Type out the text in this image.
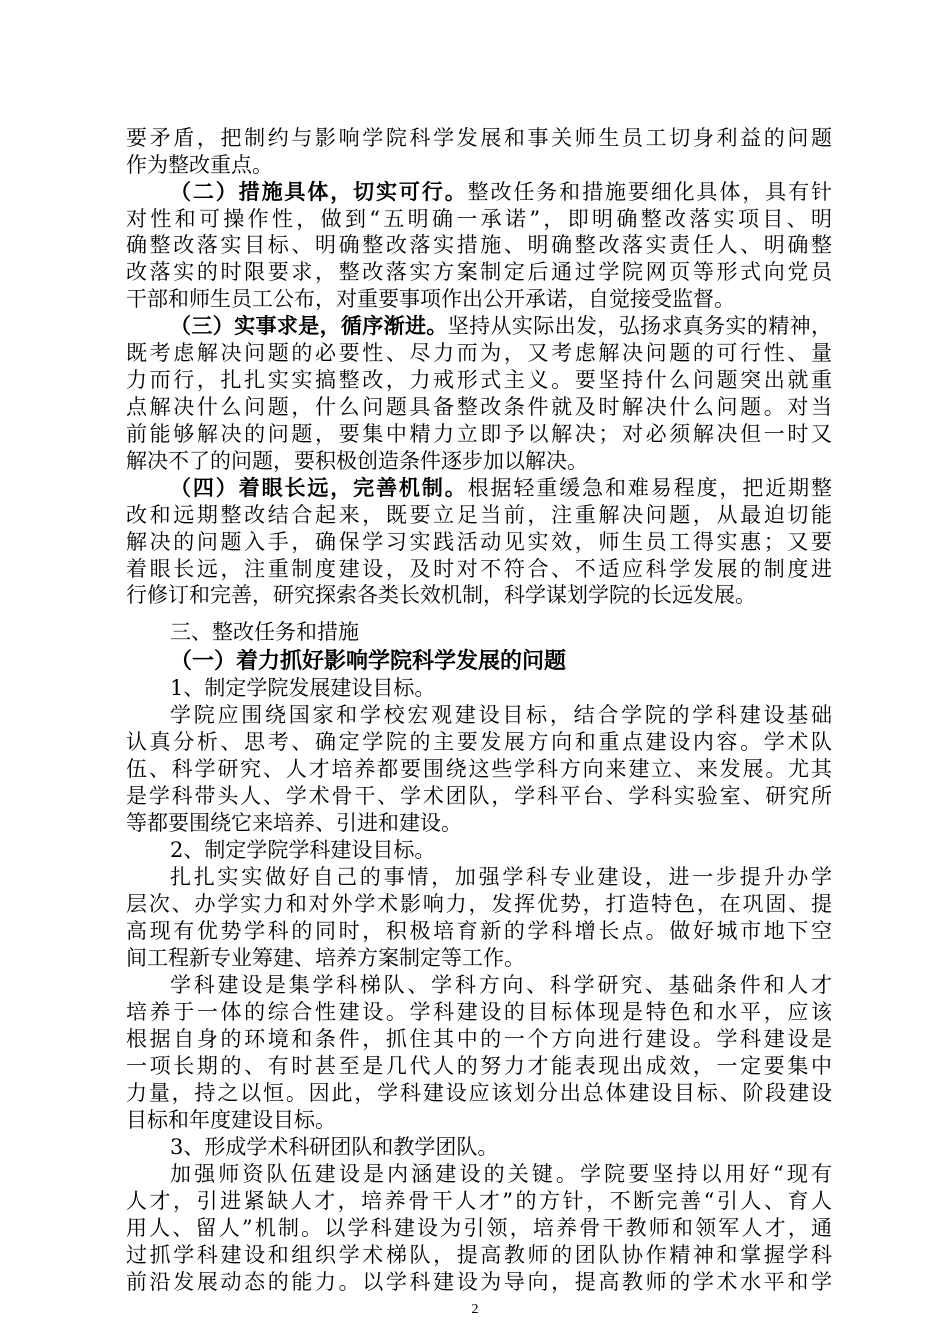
要矛盾，把制约与影响学院科学发展和事关师生员工切身利益的问题
作为整改重点。
（二）措施具体，切实可行。整改任务和措施要细化具体，具有针
对性和可操作性，做到“五明确一承诺”，即明确整改落实项目、明
确整改落实目标、明确整改落实措施、明确整改落实责任人、明确整
改落实的时限要求，整改落实方案制定后通过学院网页等形式向党员
干部和师生员工公布，对重要事项作出公开承诺，自觉接受监督。
（三）实事求是，循序渐进。坚持从实际出发，弘扬求真务实的精神，
既考虑解决问题的必要性、尽力而为，又考虑解决问题的可行性、量
力而行，扎扎实实搞整改，力戒形式主义。要坚持什么问题突出就重
点解决什么问题，什么问题具备整改条件就及时解决什么问题。对当
前能够解决的问题，要集中精力立即予以解决；对必须解决但一时又
解决不了的问题，要积极创造条件逐步加以解决。
（四）着眼长远，完善机制。根据轻重缓急和难易程度，把近期整
改和远期整改结合起来，既要立足当前，注重解决问题，从最迫切能
解决的问题入手，确保学习实践活动见实效，师生员工得实惠；又要
着眼长远，注重制度建设，及时对不符合、不适应科学发展的制度进
行修订和完善，研究探索各类长效机制，科学谋划学院的长远发展。
三、整改任务和措施
（一）着力抓好影响学院科学发展的问题
1、制定学院发展建设目标。
学院应围绕国家和学校宏观建设目标，结合学院的学科建设基础
认真分析、思考、确定学院的主要发展方向和重点建设内容。学术队
伍、科学研究、人才培养都要围绕这些学科方向来建立、来发展。尤其
是学科带头人、学术骨干、学术团队，学科平台、学科实验室、研究所
等都要围绕它来培养、引进和建设。
2、制定学院学科建设目标。
扎扎实实做好自己的事情，加强学科专业建设，进一步提升办学
层次、办学实力和对外学术影响力，发挥优势，打造特色，在巩固、提
高现有优势学科的同时，积极培育新的学科增长点。做好城市地下空
间工程新专业筹建、培养方案制定等工作。
学科建设是集学科梯队、学科方向、科学研究、基础条件和人才
培养于一体的综合性建设。学科建设的目标体现是特色和水平，应该
根据自身的环境和条件，抓住其中的一个方向进行建设。学科建设是
一项长期的、有时甚至是几代人的努力才能表现出成效，一定要集中
力量，持之以恒。因此，学科建设应该划分出总体建设目标、阶段建设
目标和年度建设目标。
3、形成学术科研团队和教学团队。
加强师资队伍建设是内涵建设的关键。学院要坚持以用好“现有
人才，引进紧缺人才，培养骨干人才”的方针，不断完善“引人、育人
用人、留人”机制。以学科建设为引领，培养骨干教师和领军人才，通
过抓学科建设和组织学术梯队，提高教师的团队协作精神和掌握学科
前沿发展动态的能力。以学科建设为导向，提高教师的学术水平和学
2
